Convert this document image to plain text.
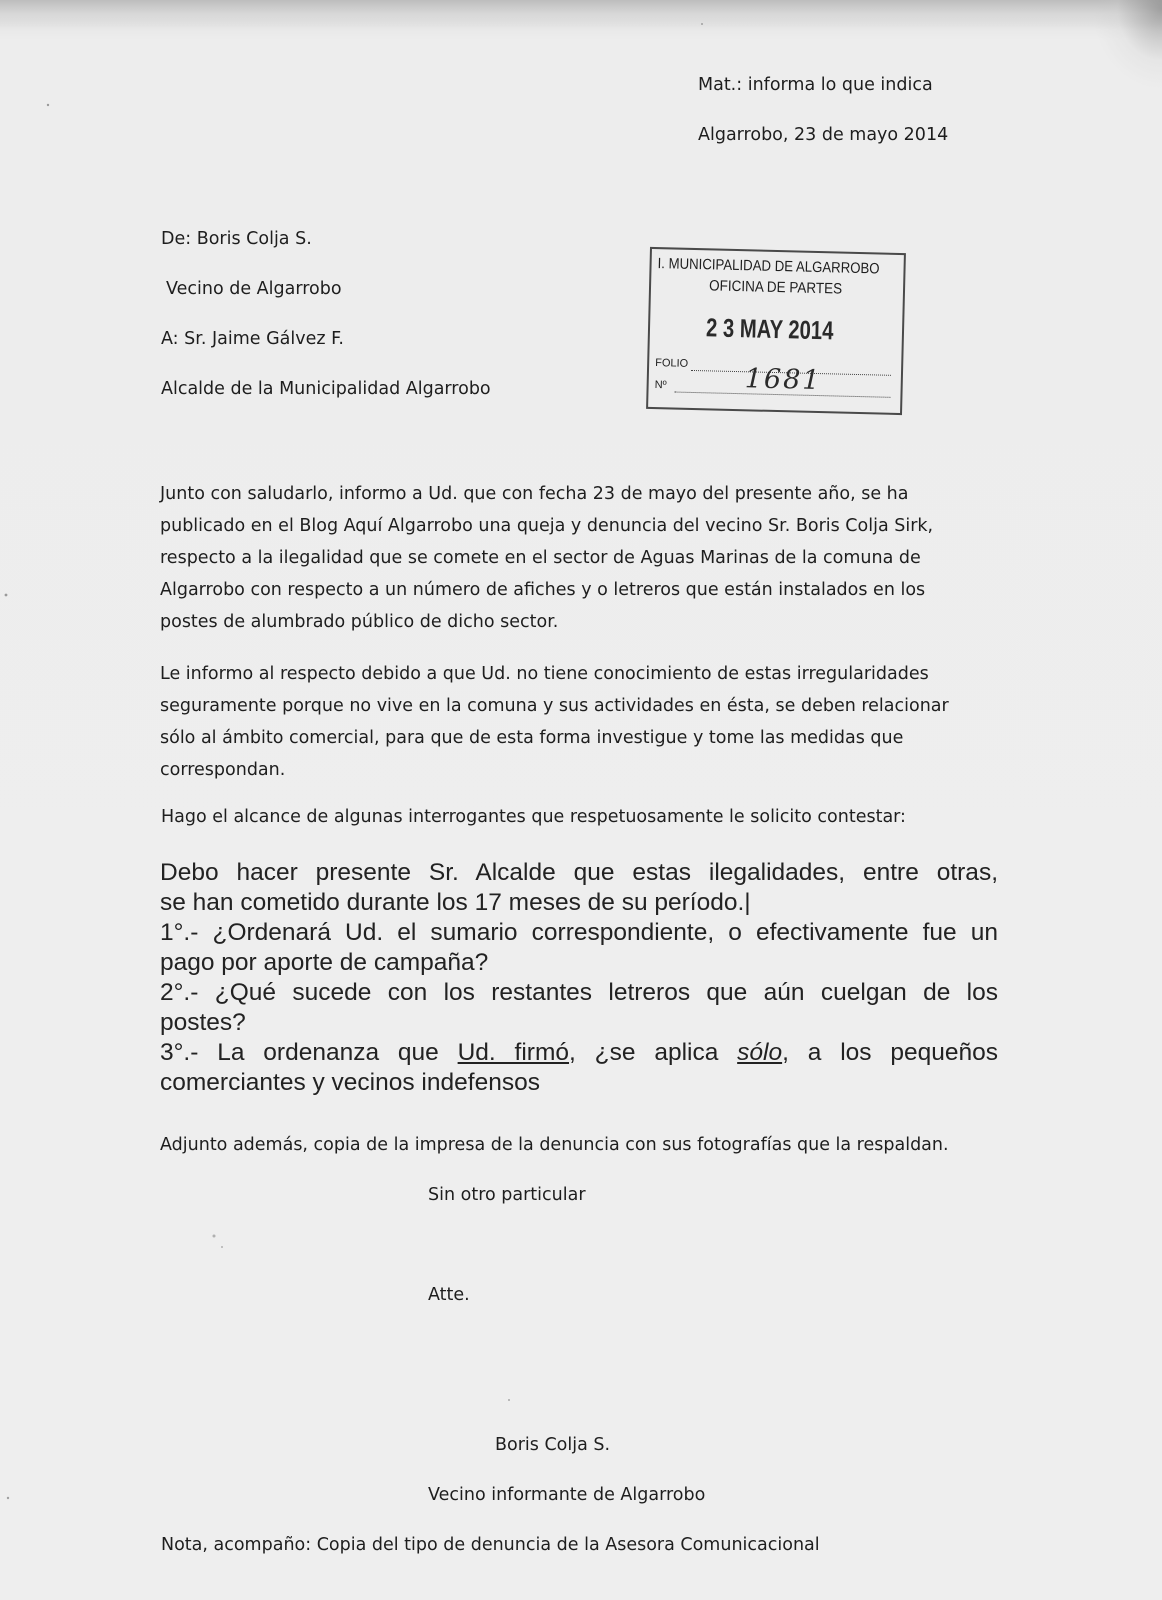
Mat.: informa lo que indica
Algarrobo, 23 de mayo 2014
De: Boris Colja S.
Vecino de Algarrobo
A: Sr. Jaime Gálvez F.
Alcalde de la Municipalidad Algarrobo
I. MUNICIPALIDAD DE ALGARROBO
OFICINA DE PARTES
2 3 MAY 2014
FOLIO
Nº	1681
Junto con saludarlo, informo a Ud. que con fecha 23 de mayo del presente año, se ha
publicado en el Blog Aquí Algarrobo una queja y denuncia del vecino Sr. Boris Colja Sirk,
respecto a la ilegalidad que se comete en el sector de Aguas Marinas de la comuna de
Algarrobo con respecto a un número de afiches y o letreros que están instalados en los
postes de alumbrado público de dicho sector.
Le informo al respecto debido a que Ud. no tiene conocimiento de estas irregularidades
seguramente porque no vive en la comuna y sus actividades en ésta, se deben relacionar
sólo al ámbito comercial, para que de esta forma investigue y tome las medidas que
correspondan.
Hago el alcance de algunas interrogantes que respetuosamente le solicito contestar:
Debo hacer presente Sr. Alcalde que estas ilegalidades, entre otras,
se han cometido durante los 17 meses de su período.|
1°.- ¿Ordenará Ud. el sumario correspondiente, o efectivamente fue un
pago por aporte de campaña?
2°.- ¿Qué sucede con los restantes letreros que aún cuelgan de los
postes?
3°.- La ordenanza que Ud. firmó, ¿se aplica sólo, a los pequeños
comerciantes y vecinos indefensos
Adjunto además, copia de la impresa de la denuncia con sus fotografías que la respaldan.
Sin otro particular
Atte.
Boris Colja S.
Vecino informante de Algarrobo
Nota, acompaño: Copia del tipo de denuncia de la Asesora Comunicacional
